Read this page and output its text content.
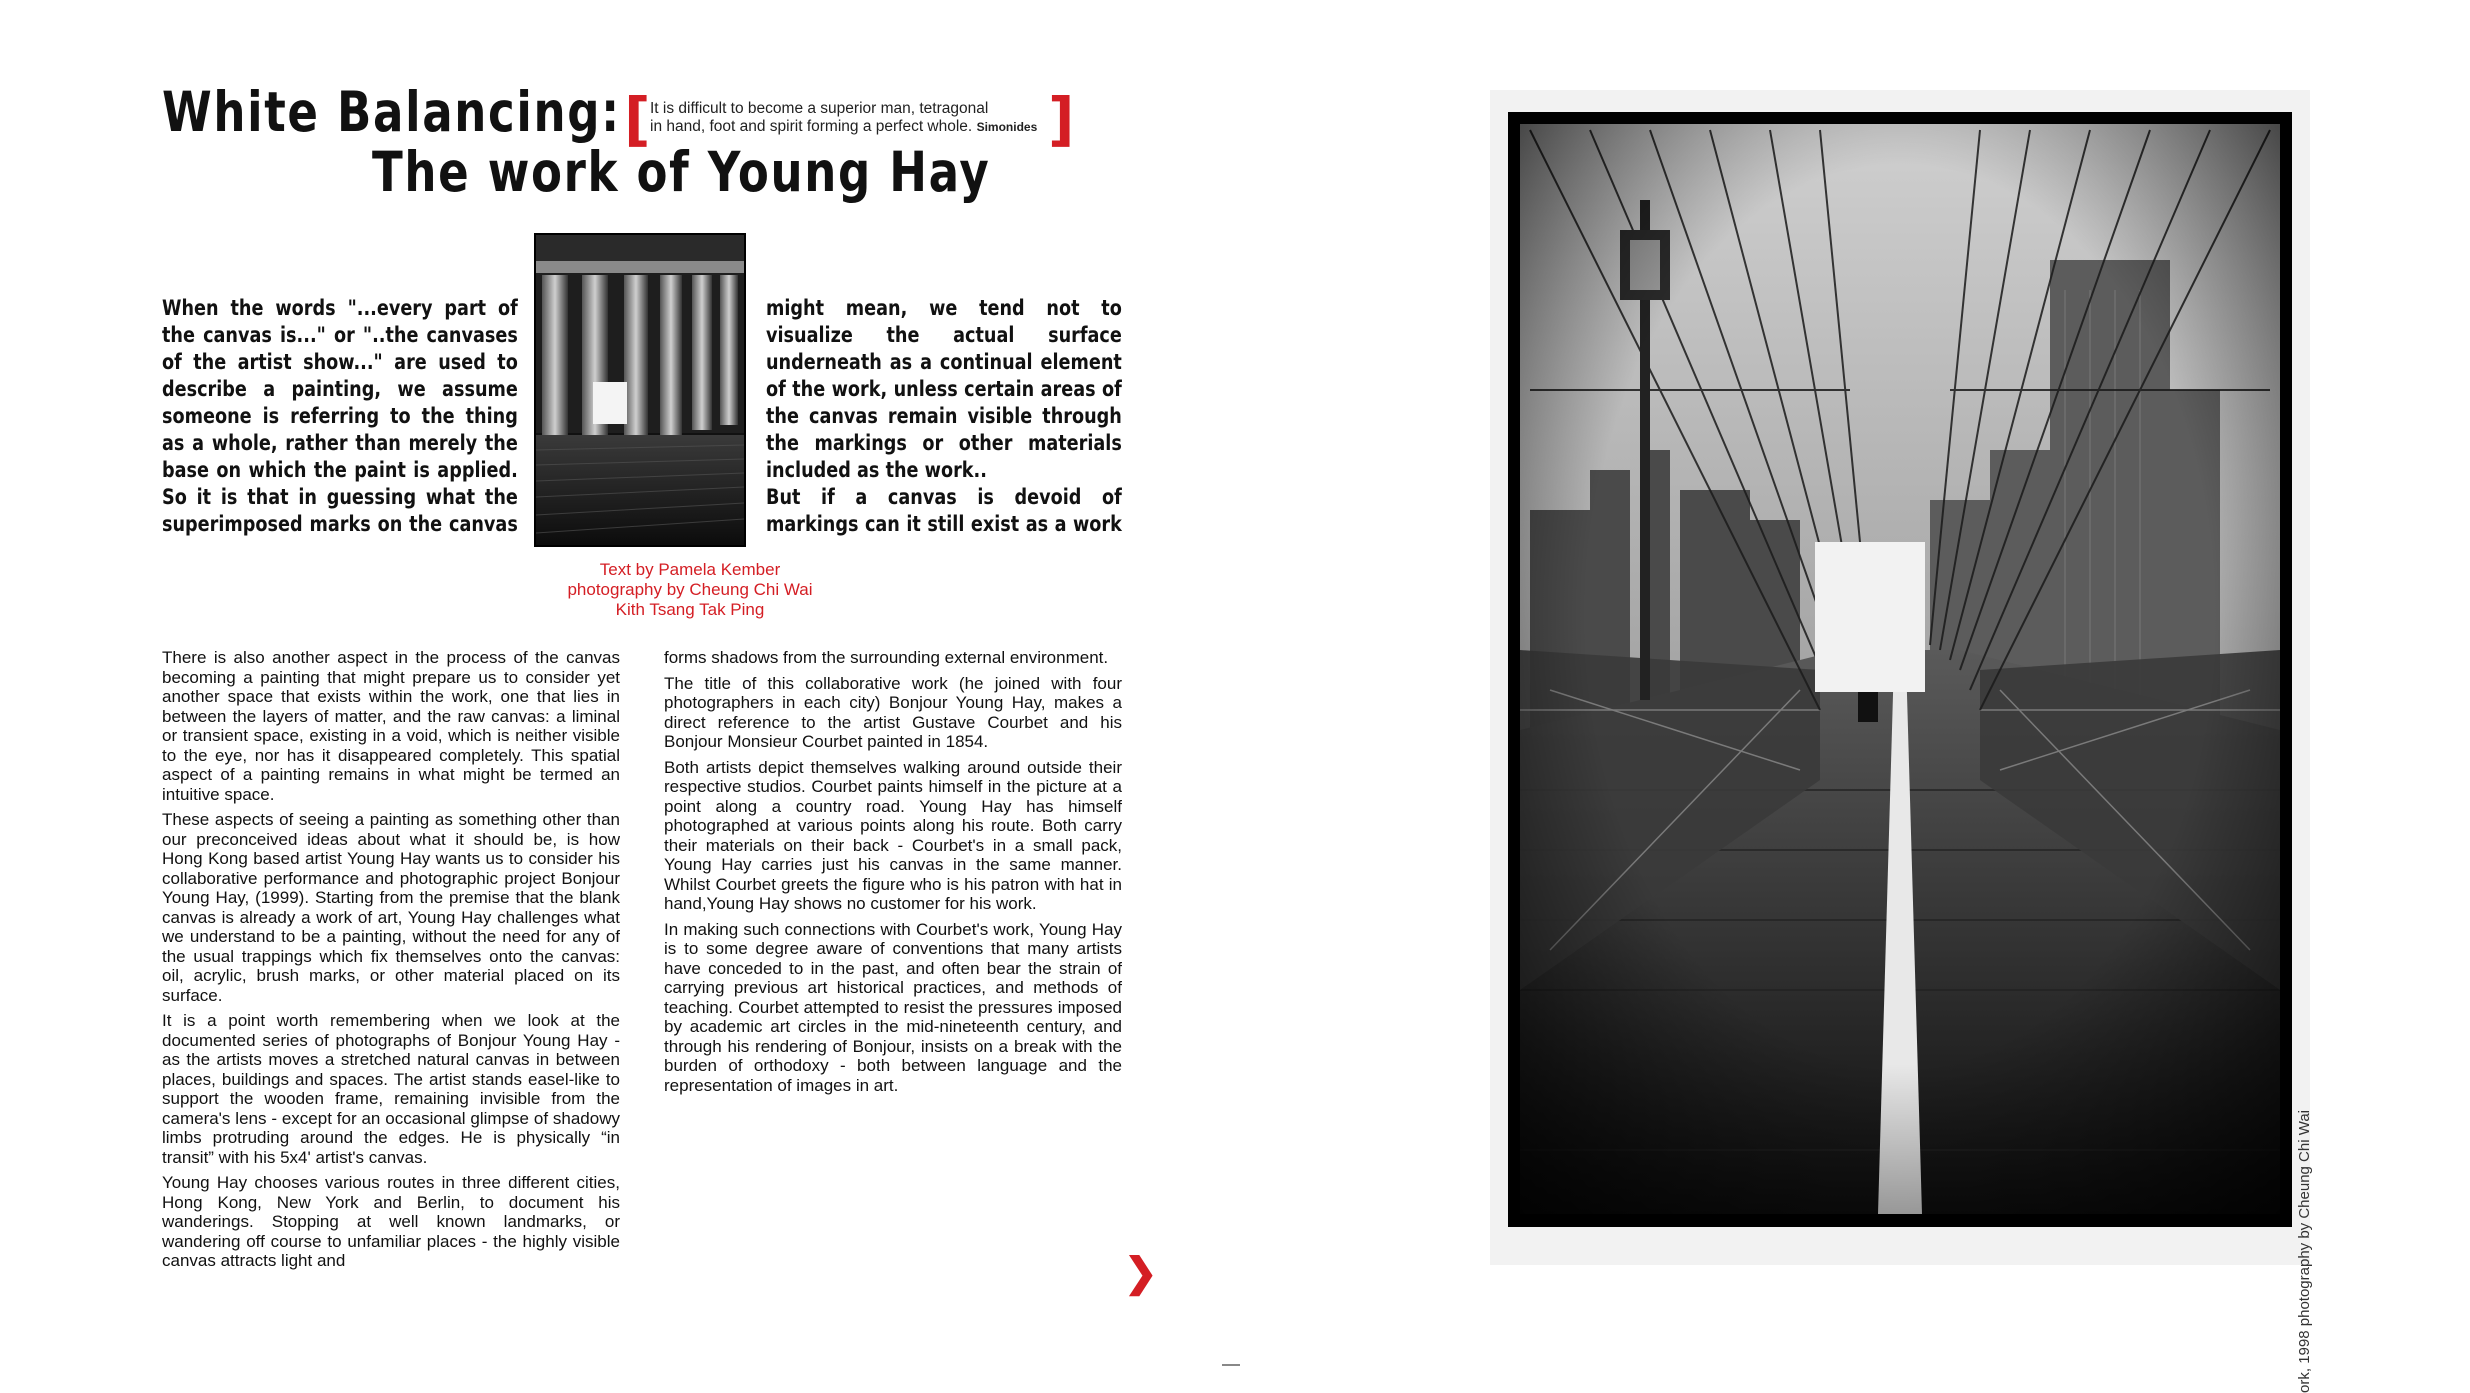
White Balancing:
The work of Young Hay
[ It is difficult to become a superior man, tetragonal
in hand, foot and spirit forming a perfect whole. Simonides ]
When the words "...every part of
the canvas is..." or "..the canvases
of the artist show..." are used to
describe a painting, we assume
someone is referring to the thing
as a whole, rather than merely the
base on which the paint is applied.
So it is that in guessing what the
superimposed marks on the canvas
might mean, we tend not to
visualize the actual surface
underneath as a continual element
of the work, unless certain areas of
the canvas remain visible through
the markings or other materials
included as the work..
But if a canvas is devoid of
markings can it still exist as a work
Text by Pamela Kember
photography by Cheung Chi Wai
Kith Tsang Tak Ping

There is also another aspect in the process of the canvas becoming a painting that might prepare us to consider yet another space that exists within the work, one that lies in between the layers of matter, and the raw canvas: a liminal or transient space, existing in a void, which is neither visible to the eye, nor has it disappeared completely. This spatial aspect of a painting remains in what might be termed an intuitive space.

These aspects of seeing a painting as something other than our preconceived ideas about what it should be, is how Hong Kong based artist Young Hay wants us to consider his collaborative performance and photographic project Bonjour Young Hay, (1999). Starting from the premise that the blank canvas is already a work of art, Young Hay challenges what we understand to be a painting, without the need for any of the usual trappings which fix themselves onto the canvas: oil, acrylic, brush marks, or other material placed on its surface.

It is a point worth remembering when we look at the documented series of photographs of Bonjour Young Hay - as the artists moves a stretched natural canvas in between places, buildings and spaces. The artist stands easel-like to support the wooden frame, remaining invisible from the camera's lens - except for an occasional glimpse of shadowy limbs protruding around the edges. He is physically “in transit” with his 5x4' artist's canvas.

Young Hay chooses various routes in three different cities, Hong Kong, New York and Berlin, to document his wanderings. Stopping at well known landmarks, or wandering off course to unfamiliar places - the highly visible canvas attracts light and

forms shadows from the surrounding external environment.

The title of this collaborative work (he joined with four photographers in each city) Bonjour Young Hay, makes a direct reference to the artist Gustave Courbet and his Bonjour Monsieur Courbet painted in 1854.

Both artists depict themselves walking around outside their respective studios. Courbet paints himself in the picture at a point along a country road. Young Hay has himself photographed at various points along his route. Both carry their materials on their back - Courbet's in a small pack, Young Hay carries just his canvas in the same manner. Whilst Courbet greets the figure who is his patron with hat in hand,Young Hay shows no customer for his work.

In making such connections with Courbet's work, Young Hay is to some degree aware of conventions that many artists have conceded to in the past, and often bear the strain of carrying previous art historical practices, and methods of teaching. Courbet attempted to resist the pressures imposed by academic art circles in the mid-nineteenth century, and through his rendering of Bonjour, insists on a break with the burden of orthodoxy - both between language and the representation of images in art.

❯	ork, 1998 photography by Cheung Chi Wai
